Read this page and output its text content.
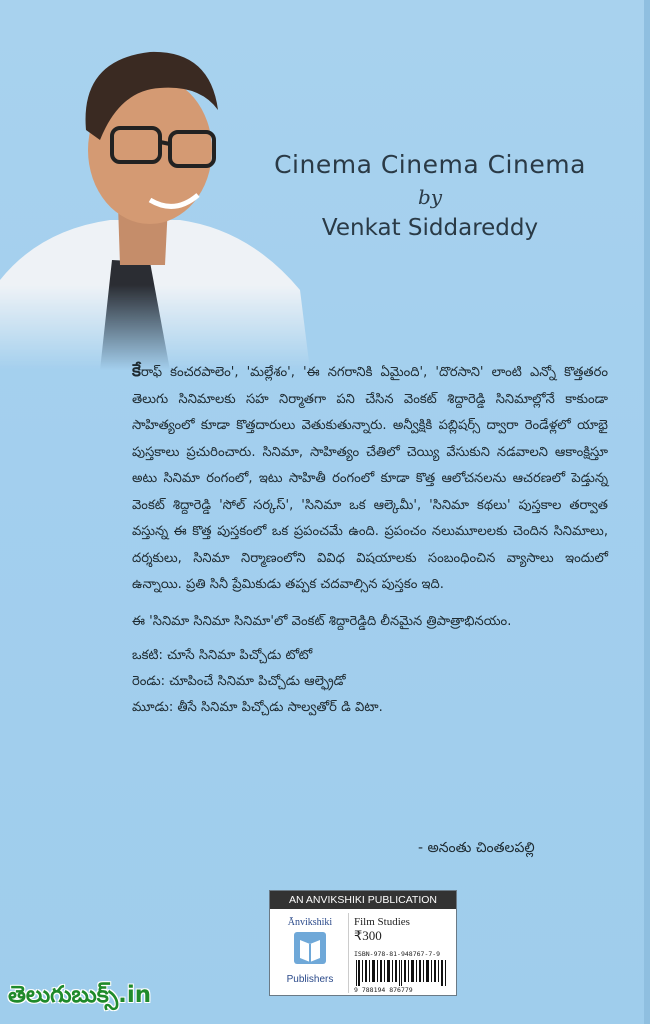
Cinema Cinema Cinema
by
Venkat Siddareddy

కేరాఫ్ కంచరపాలెం', 'మల్లేశం', 'ఈ నగరానికి ఏమైంది', 'దొరసాని' లాంటి ఎన్నో కొత్తతరం తెలుగు సినిమాలకు సహ నిర్మాతగా పని చేసిన వెంకట్ శిద్దారెడ్డి సినిమాల్లోనే కాకుండా సాహిత్యంలో కూడా కొత్తదారులు వెతుకుతున్నారు. అన్వీక్షికి పబ్లిషర్స్ ద్వారా రెండేళ్లలో యాభై పుస్తకాలు ప్రచురించారు. సినిమా, సాహిత్యం చేతిలో చెయ్యి వేసుకుని నడవాలని ఆకాంక్షిస్తూ అటు సినిమా రంగంలో, ఇటు సాహితీ రంగంలో కూడా కొత్త ఆలోచనలను ఆచరణలో పెడ్తున్న వెంకట్ శిద్దారెడ్డి 'సోల్ సర్కస్', 'సినిమా ఒక ఆల్కెమీ', 'సినిమా కథలు' పుస్తకాల తర్వాత వస్తున్న ఈ కొత్త పుస్తకంలో ఒక ప్రపంచమే ఉంది. ప్రపంచం నలుమూలలకు చెందిన సినిమాలు, దర్శకులు, సినిమా నిర్మాణంలోని వివిధ విషయాలకు సంబంధించిన వ్యాసాలు ఇందులో ఉన్నాయి. ప్రతి సినీ ప్రేమికుడు తప్పక చదవాల్సిన పుస్తకం ఇది.

ఈ 'సినిమా సినిమా సినిమా'లో వెంకట్ శిద్దారెడ్డిది లీనమైన త్రిపాత్రాభినయం.

ఒకటి: చూసే సినిమా పిచ్చోడు టోటో
రెండు: చూపించే సినిమా పిచ్చోడు ఆల్ఫ్రెడో
మూడు: తీసే సినిమా పిచ్చోడు సాల్వతోర్ డి విటా.
- అనంతు చింతలపల్లి
AN ANVIKSHIKI PUBLICATION
Ānvikshiki
Publishers
Film Studies
₹300
ISBN-978-81-948767-7-9
9 788194 876779
తెలుగుబుక్స్.in
